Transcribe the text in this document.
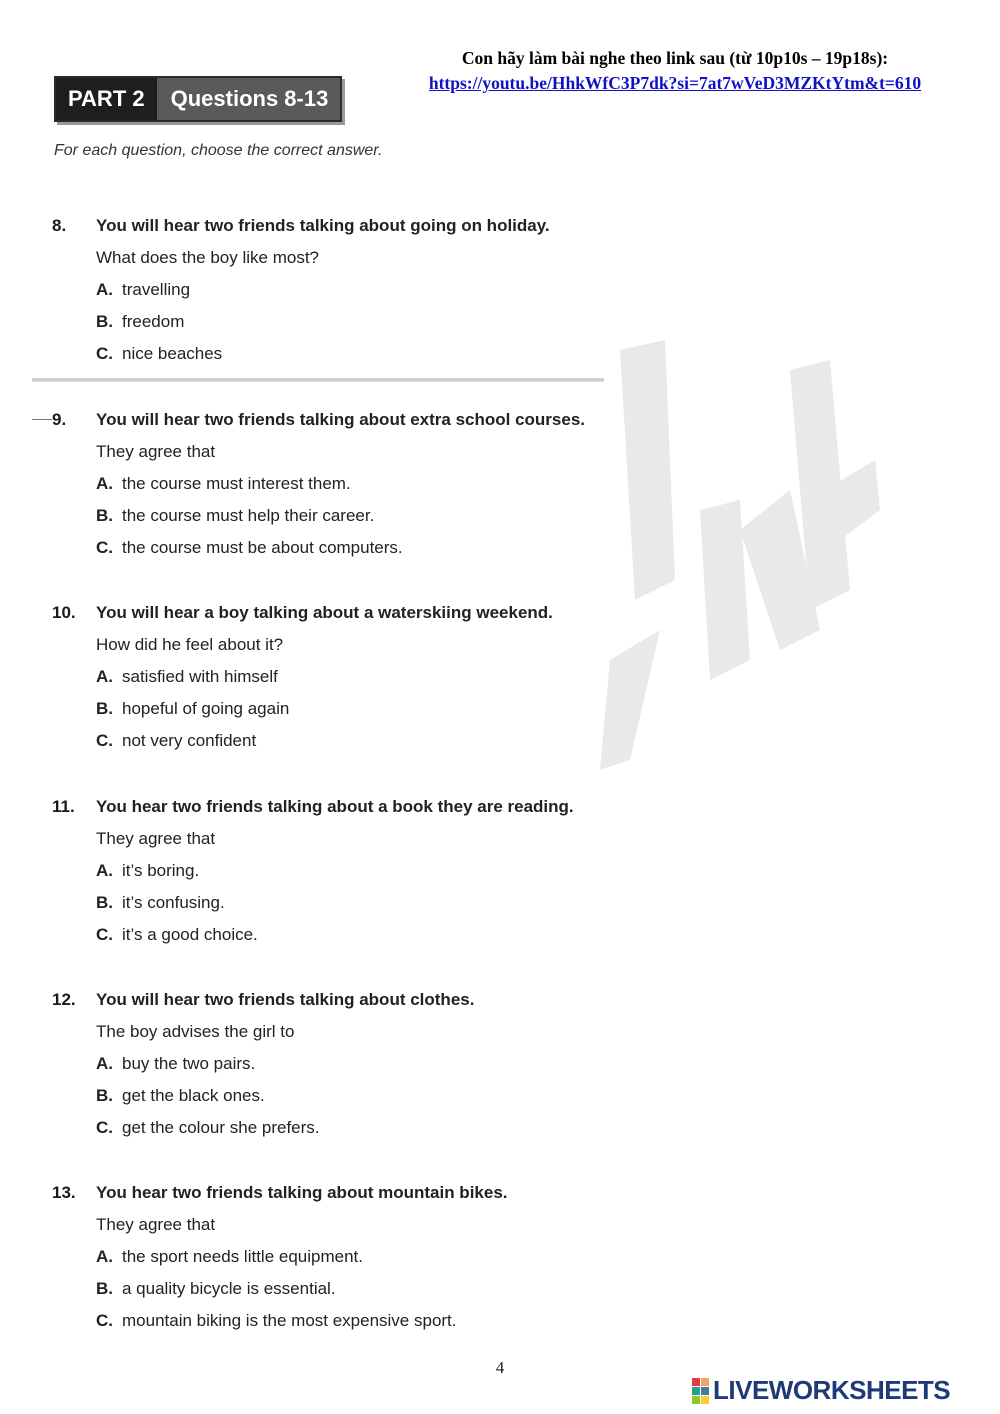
Con hãy làm bài nghe theo link sau (từ 10p10s – 19p18s):
https://youtu.be/HhkWfC3P7dk?si=7at7wVeD3MZKtYtm&t=610
PART 2	Questions 8-13
For each question, choose the correct answer.
8.	You will hear two friends talking about going on holiday.
What does the boy like most?
A. travelling
B. freedom
C. nice beaches
9.	You will hear two friends talking about extra school courses.
They agree that
A. the course must interest them.
B. the course must help their career.
C. the course must be about computers.
10.	You will hear a boy talking about a waterskiing weekend.
How did he feel about it?
A. satisfied with himself
B. hopeful of going again
C. not very confident
11.	You hear two friends talking about a book they are reading.
They agree that
A. it’s boring.
B. it’s confusing.
C. it’s a good choice.
12.	You will hear two friends talking about clothes.
The boy advises the girl to
A. buy the two pairs.
B. get the black ones.
C. get the colour she prefers.
13.	You hear two friends talking about mountain bikes.
They agree that
A. the sport needs little equipment.
B. a quality bicycle is essential.
C. mountain biking is the most expensive sport.
4
LIVEWORKSHEETS
